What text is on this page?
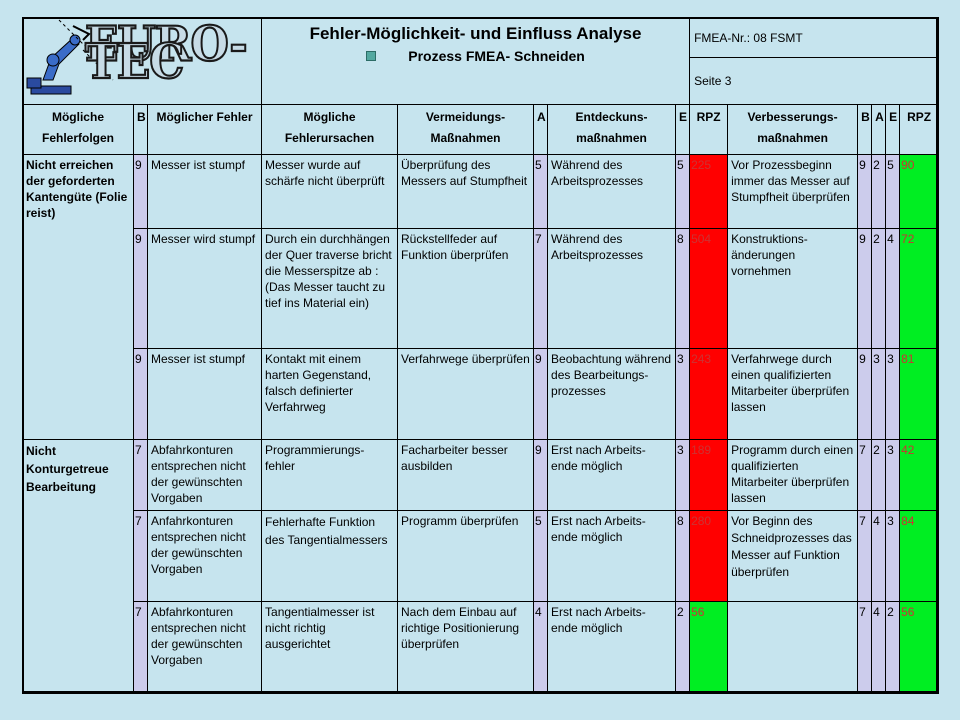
EURO-TEC			Fehler-Möglichkeit- und Einfluss Analyse
Prozess FMEA- Schneiden					FMEA-Nr.: 08 FSMT					
								Seite 3					
Mögliche Fehlerfolgen	B	Möglicher Fehler	Mögliche Fehlerursachen	Vermeidungs- Maßnahmen	A	Entdeckuns- maßnahmen	E	RPZ	Verbesserungs- maßnahmen	B	A	E	RPZ
Nicht erreichen der geforderten Kantengüte (Folie reist)	9	Messer ist stumpf	Messer wurde auf schärfe nicht überprüft	Überprüfung des Messers auf Stumpfheit	5	Während des Arbeitsprozesses	5	225	Vor Prozessbeginn immer das Messer auf Stumpfheit überprüfen	9	2	5	90
	9	Messer wird stumpf	Durch ein durchhängen der Quer traverse bricht die Messerspitze ab :(Das Messer taucht zu tief ins Material ein)	Rückstellfeder auf Funktion überprüfen	7	Während des Arbeitsprozesses	8	504	Konstruktions- änderungen vornehmen	9	2	4	72
	9	Messer ist stumpf	Kontakt mit einem harten Gegenstand, falsch definierter Verfahrweg	Verfahrwege überprüfen	9	Beobachtung während des Bearbeitungs- prozesses	3	243	Verfahrwege durch einen qualifizierten Mitarbeiter überprüfen lassen	9	3	3	81
Nicht Konturgetreue Bearbeitung	7	Abfahrkonturen entsprechen nicht der gewünschten Vorgaben	Programmierungs- fehler	Facharbeiter besser ausbilden	9	Erst nach Arbeits- ende möglich	3	189	Programm durch einen qualifizierten Mitarbeiter überprüfen lassen	7	2	3	42
	7	Anfahrkonturen entsprechen nicht der gewünschten Vorgaben	Fehlerhafte Funktion des Tangentialmessers	Programm überprüfen	5	Erst nach Arbeits- ende möglich	8	280	Vor Beginn des Schneidprozesses das Messer auf Funktion überprüfen	7	4	3	84
	7	Abfahrkonturen entsprechen nicht der gewünschten Vorgaben	Tangentialmesser ist nicht richtig ausgerichtet	Nach dem Einbau auf richtige Positionierung überprüfen	4	Erst nach Arbeits- ende möglich	2	56		7	4	2	56
